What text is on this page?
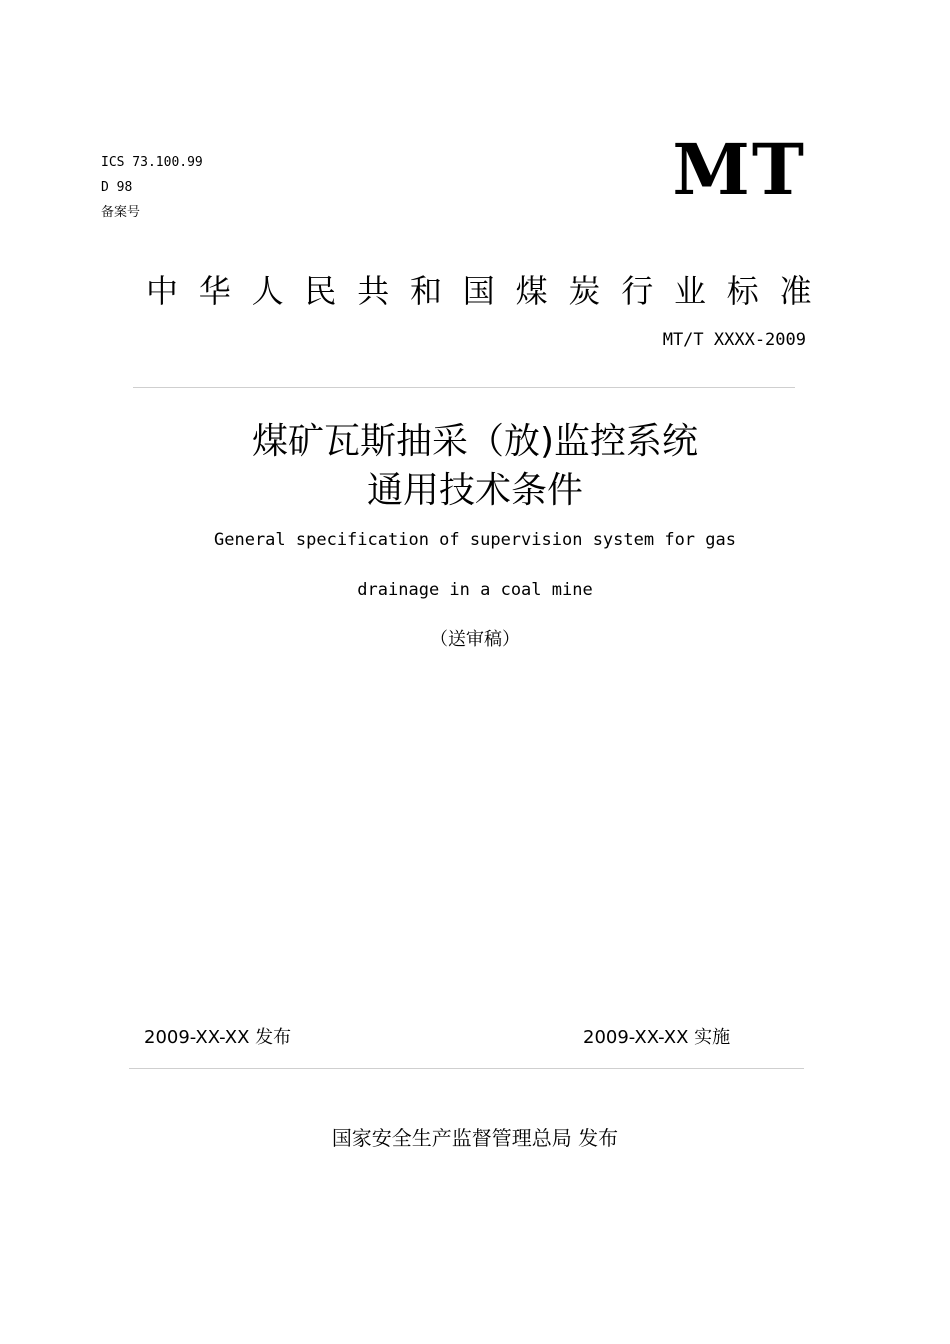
ICS 73.100.99
D 98
备案号
MT
中华人民共和国煤炭行业标准
MT/T XXXX-2009
煤矿瓦斯抽采（放)监控系统
通用技术条件
General specification of supervision system for gas
drainage in a coal mine
（送审稿）
2009-XX-XX 发布	2009-XX-XX 实施
国家安全生产监督管理总局 发布
